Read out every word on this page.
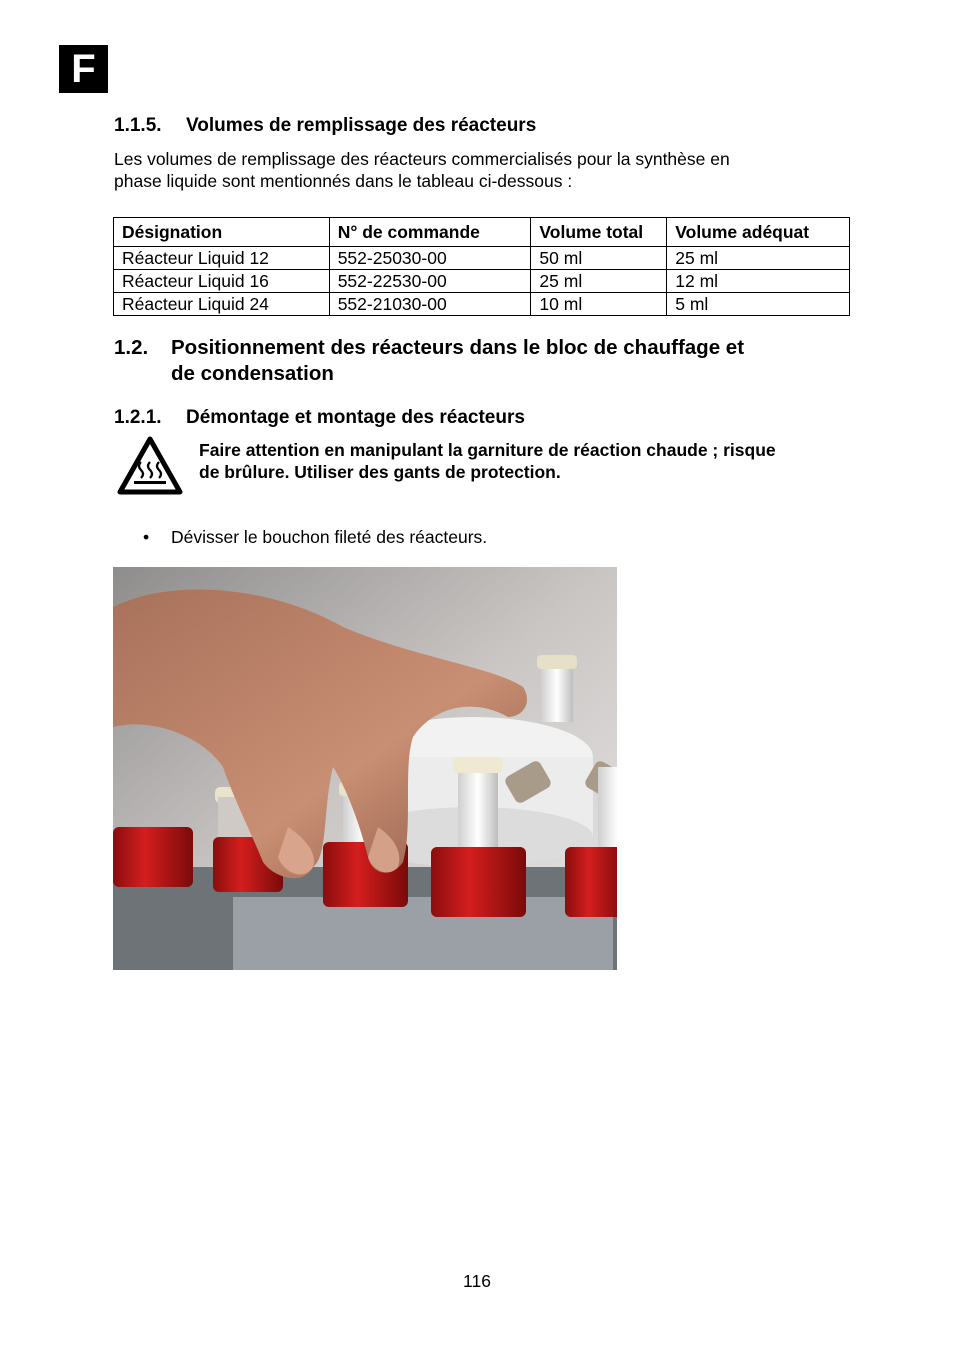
F
1.1.5. Volumes de remplissage des réacteurs
Les volumes de remplissage des réacteurs commercialisés pour la synthèse en
phase liquide sont mentionnés dans le tableau ci-dessous :
Désignation	N° de commande	Volume total	Volume adéquat
Réacteur Liquid 12	552-25030-00	50 ml	25 ml
Réacteur Liquid 16	552-22530-00	25 ml	12 ml
Réacteur Liquid 24	552-21030-00	10 ml	5 ml
1.2. Positionnement des réacteurs dans le bloc de chauffage et
de condensation
1.2.1. Démontage et montage des réacteurs
Faire attention en manipulant la garniture de réaction chaude ; risque
de brûlure. Utiliser des gants de protection.
• Dévisser le bouchon fileté des réacteurs.
116
